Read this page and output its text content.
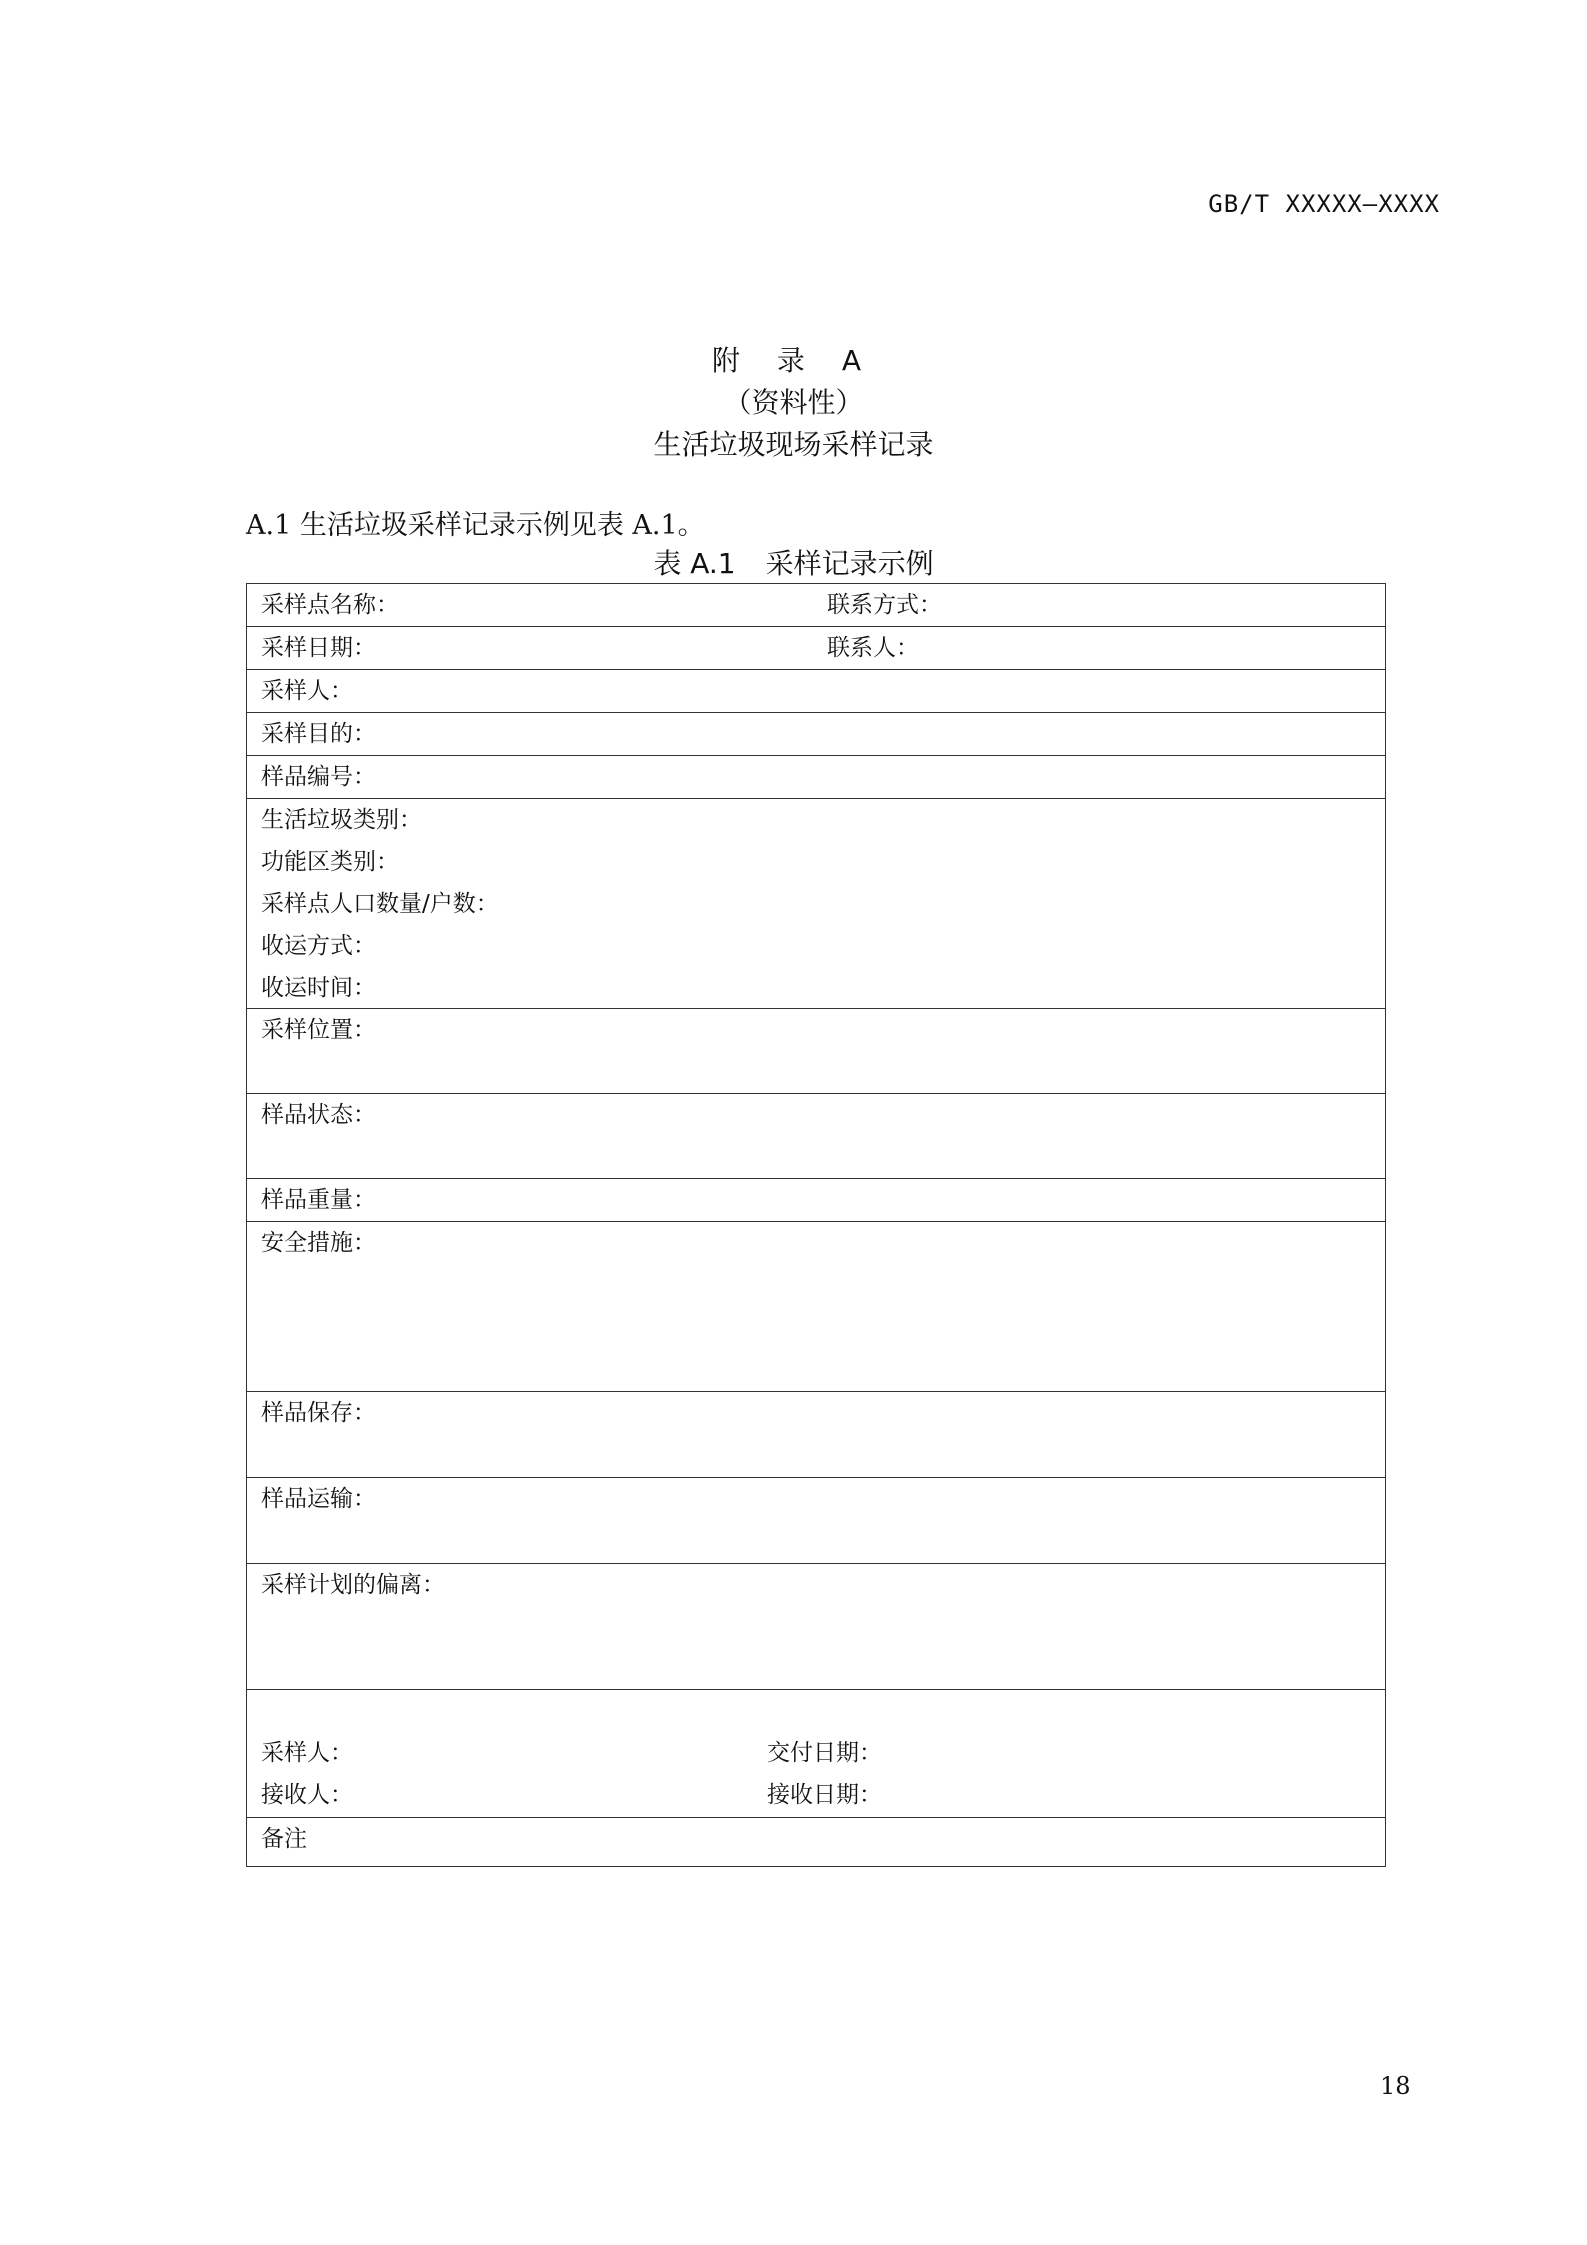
GB/T XXXXX—XXXX
附 录 A
（资料性）
生活垃圾现场采样记录
A.1 生活垃圾采样记录示例见表 A.1。
表 A.1 采样记录示例
采样点名称：	联系方式：
采样日期：	联系人：
采样人：
采样目的：
样品编号：
生活垃圾类别：
功能区类别：
采样点人口数量/户数：
收运方式：
收运时间：
采样位置：
样品状态：
样品重量：
安全措施：
样品保存：
样品运输：
采样计划的偏离：
采样人：	交付日期：
接收人：	接收日期：
备注
18
